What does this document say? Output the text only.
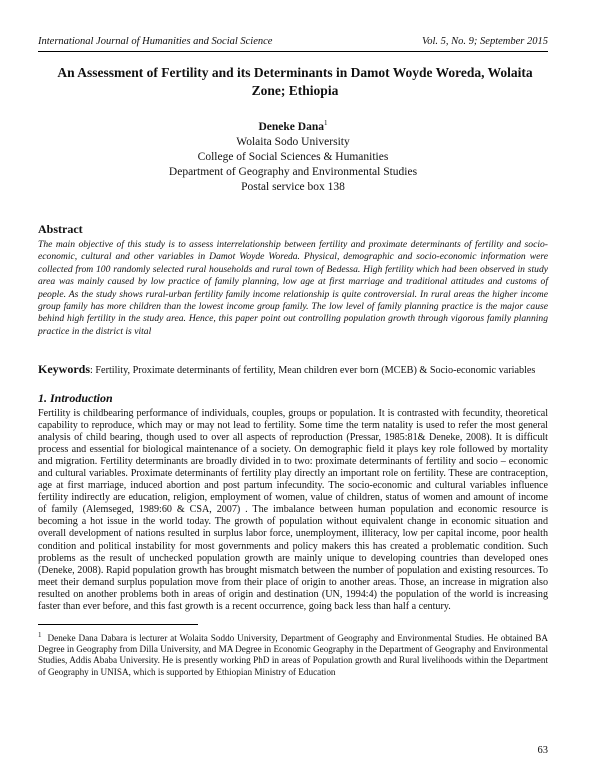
International Journal of Humanities and Social Science	Vol. 5, No. 9; September 2015
An Assessment of Fertility and its Determinants in Damot Woyde Woreda, Wolaita Zone; Ethiopia
Deneke Dana$^1$
Wolaita Sodo University
College of Social Sciences & Humanities
Department of Geography and Environmental Studies
Postal service box 138
Abstract
The main objective of this study is to assess interrelationship between fertility and proximate determinants of fertility and socio- economic, cultural and other variables in Damot Woyde Woreda. Physical, demographic and socio-economic information were collected from 100 randomly selected rural households and rural town of Bedessa. High fertility which had been observed in study area was mainly caused by low practice of family planning, low age at first marriage and traditional attitudes and customs of people. As the study shows rural-urban fertility family income relationship is quite controversial. In rural areas the higher income group family has more children than the lowest income group family. The low level of family planning practice is the major cause behind high fertility in the study area. Hence, this paper point out controlling population growth through vigorous family planning practice in the district is vital
Keywords: Fertility, Proximate determinants of fertility, Mean children ever born (MCEB) & Socio-economic variables
1. Introduction
Fertility is childbearing performance of individuals, couples, groups or population. It is contrasted with fecundity, theoretical capability to reproduce, which may or may not lead to fertility. Some time the term natality is used to refer the most general analysis of child bearing, though used to over all aspects of reproduction (Pressar, 1985:81& Deneke, 2008). It is difficult process and essential for biological maintenance of a society. On demographic field it plays key role followed by mortality and migration. Fertility determinants are broadly divided in to two: proximate determinants of fertility and socio – economic and cultural variables. Proximate determinants of fertility play directly an important role on fertility. These are contraception, age at first marriage, induced abortion and post partum infecundity. The socio-economic and cultural variables influence fertility indirectly are education, religion, employment of women, value of children, status of women and amount of income of family (Alemseged, 1989:60 & CSA, 2007) . The imbalance between human population and economic resource is becoming a hot issue in the world today. The growth of population without equivalent change in economic situation and overall development of nations resulted in surplus labor force, unemployment, illiteracy, low per capital income, poor health condition and political instability for most governments and policy makers this has created a problematic condition. Such problems as the result of unchecked population growth are mainly unique to developing countries than developed ones (Deneke, 2008). Rapid population growth has brought mismatch between the number of population and existing resources. To meet their demand surplus population move from their place of origin to another areas. Those, an increase in migration also resulted on another problems both in areas of origin and destination (UN, 1994:4) the population of the world is increasing faster than ever before, and this fast growth is a recent occurrence, going back less than half a century.
$^1$ Deneke Dana Dabara is lecturer at Wolaita Soddo University, Department of Geography and Environmental Studies. He obtained BA Degree in Geography from Dilla University, and MA Degree in Economic Geography in the Department of Geography and Environmental Studies, Addis Ababa University. He is presently working PhD in areas of Population growth and Rural livelihoods within the Department of Geography in UNISA, which is supported by Ethiopian Ministry of Education
63
